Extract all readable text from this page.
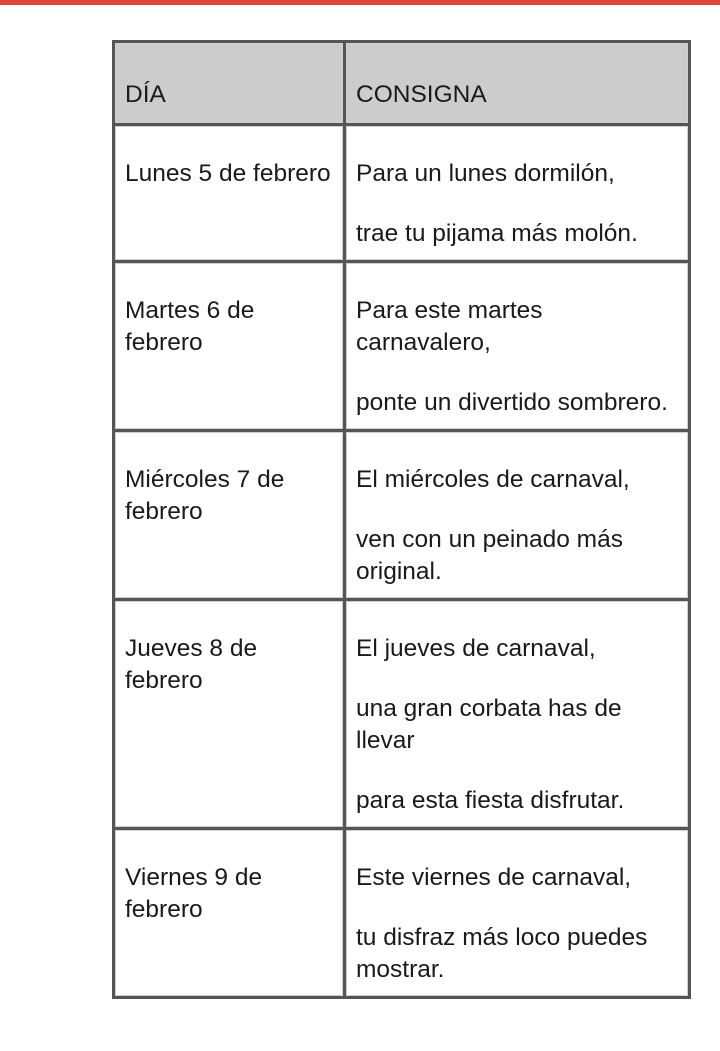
DÍA	CONSIGNA
Lunes 5 de febrero	Para un lunes dormilón,
trae tu pijama más molón.

Martes 6 de febrero	Para este martes carnavalero,
ponte un divertido sombrero.

Miércoles 7 de febrero	El miércoles de carnaval,
ven con un peinado más original.

Jueves 8 de febrero	El jueves de carnaval,
una gran corbata has de llevar
para esta fiesta disfrutar.

Viernes 9 de febrero	Este viernes de carnaval,
tu disfraz más loco puedes mostrar.
